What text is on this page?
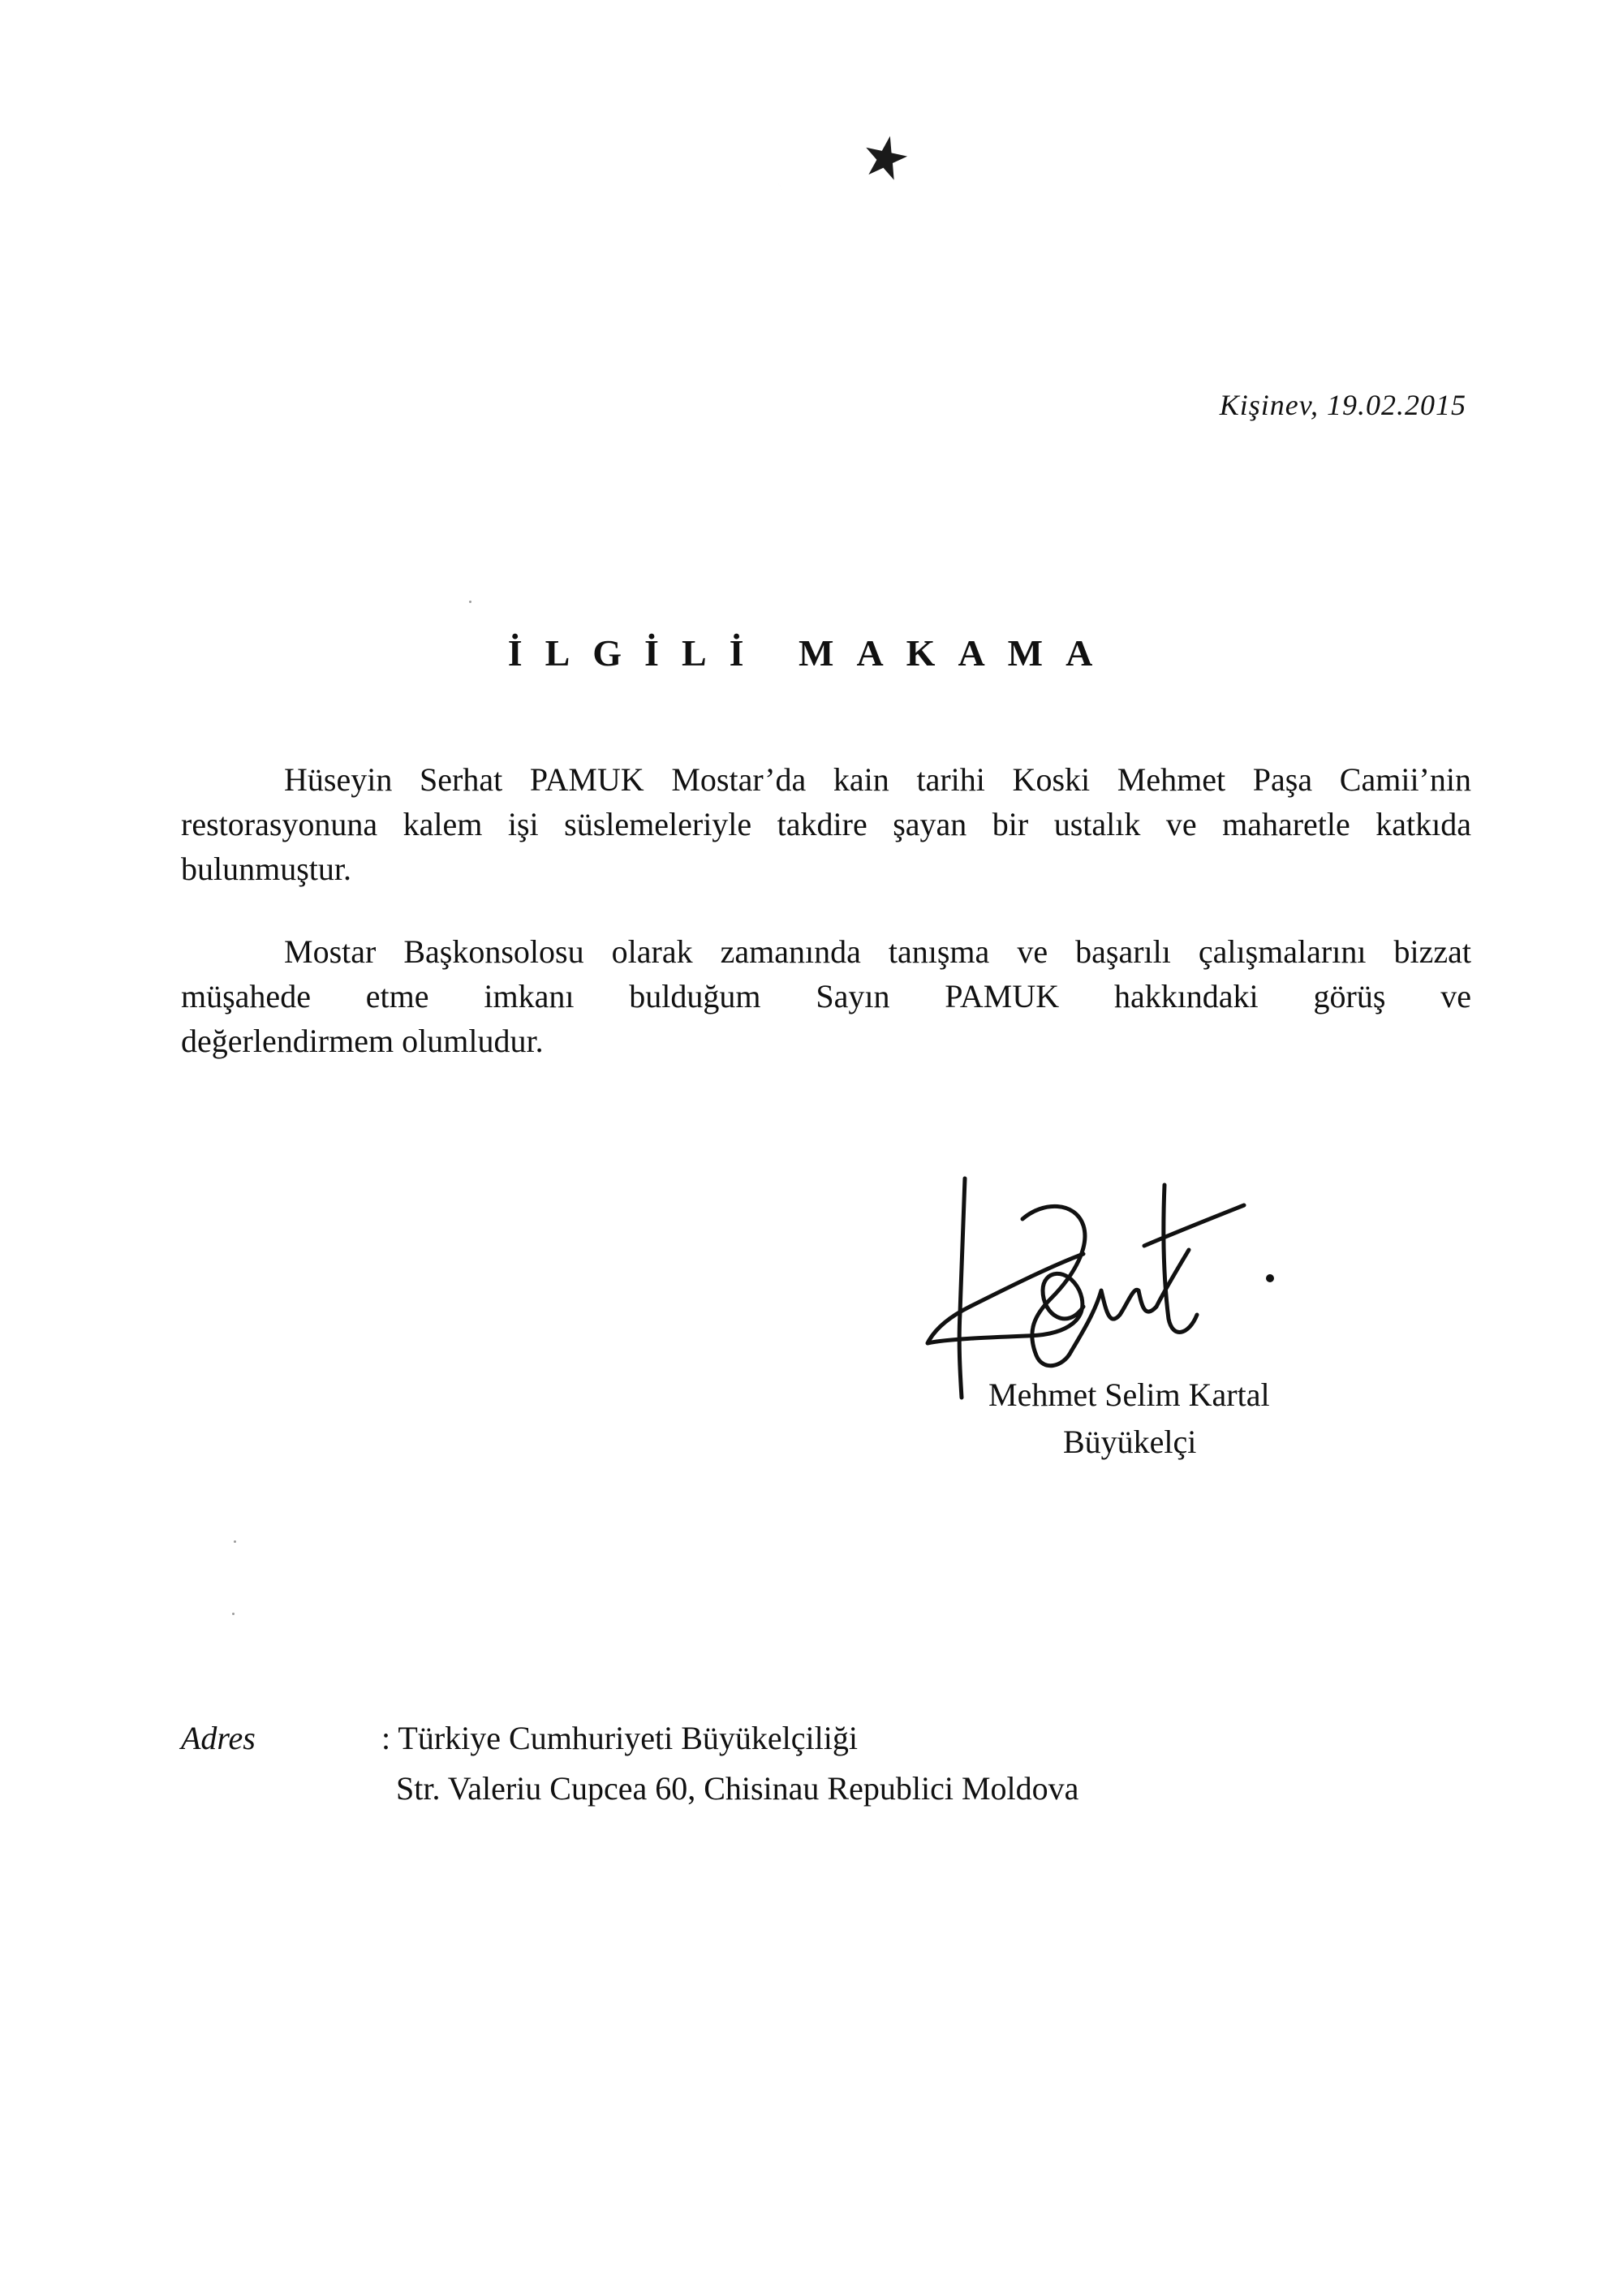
Kişinev, 19.02.2015
İLGİLİ MAKAMA
Hüseyin Serhat PAMUK Mostar’da kain tarihi Koski Mehmet Paşa Camii’nin
restorasyonuna kalem işi süslemeleriyle takdire şayan bir ustalık ve maharetle katkıda
bulunmuştur.
Mostar Başkonsolosu olarak zamanında tanışma ve başarılı çalışmalarını bizzat
müşahede etme imkanı bulduğum Sayın PAMUK hakkındaki görüş ve
değerlendirmem olumludur.
Mehmet Selim Kartal
Büyükelçi
Adres	: Türkiye Cumhuriyeti Büyükelçiliği
Str. Valeriu Cupcea 60, Chisinau Republici Moldova
